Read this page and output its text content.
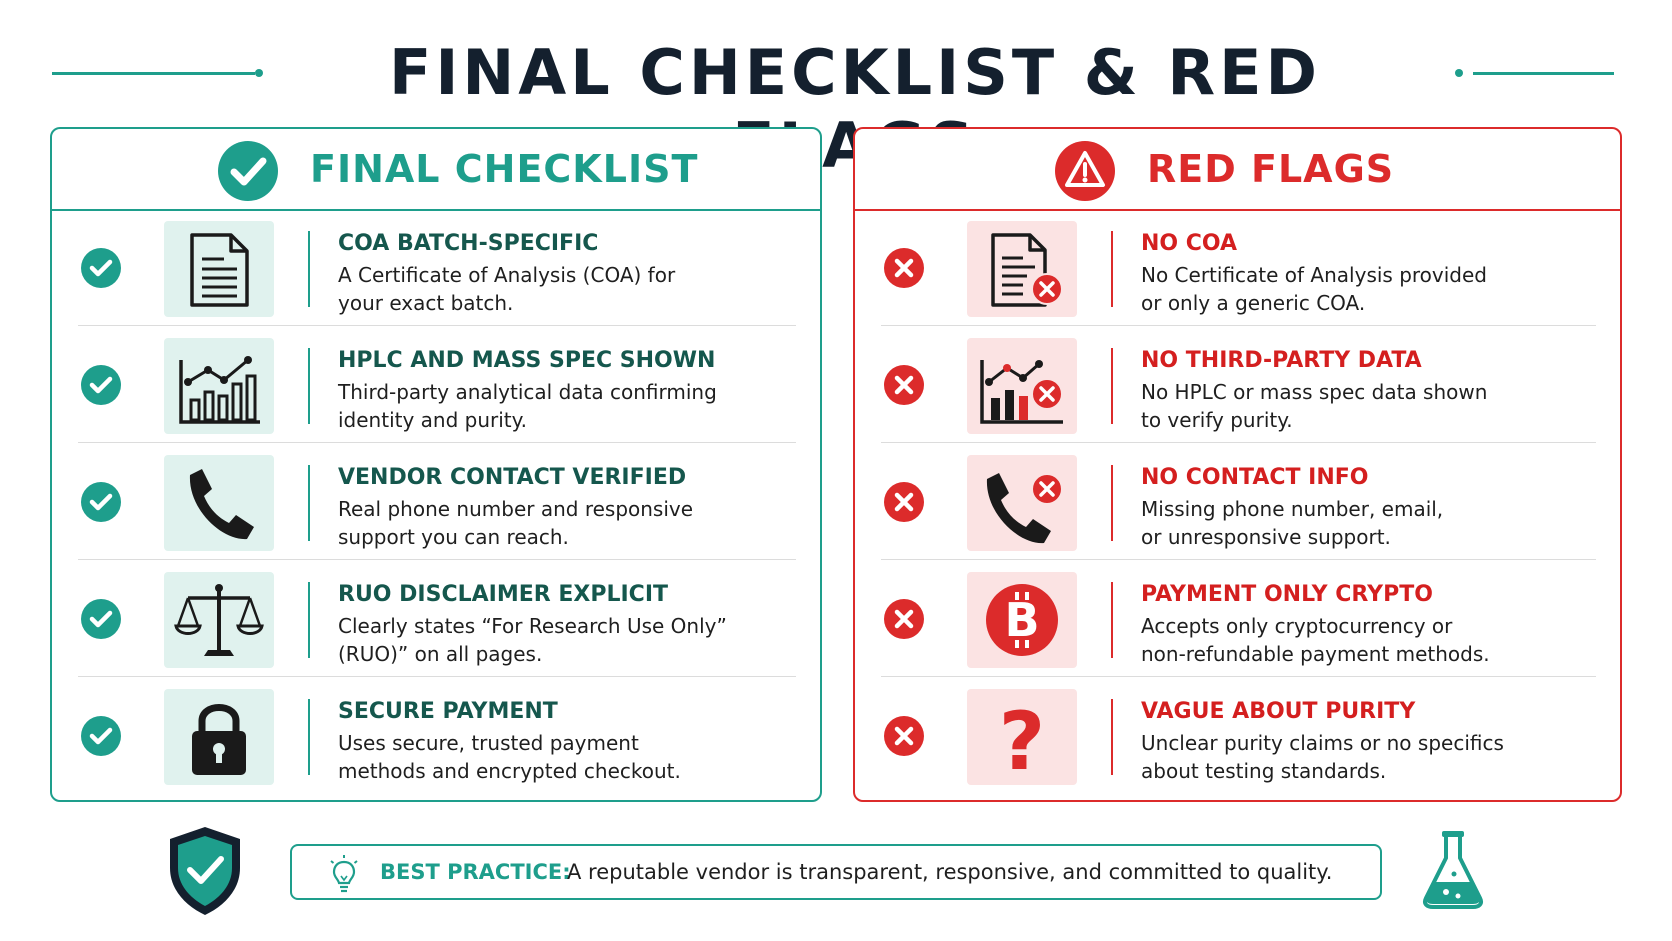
FINAL CHECKLIST & RED
FINAL CHECKLIST
COA BATCH-SPECIFIC
A Certificate of Analysis (COA) for
your exact batch.
HPLC AND MASS SPEC SHOWN
Third-party analytical data confirming
identity and purity.
VENDOR CONTACT VERIFIED
Real phone number and responsive
support you can reach.
RUO DISCLAIMER EXPLICIT
Clearly states “For Research Use Only”
(RUO)” on all pages.
SECURE PAYMENT
Uses secure, trusted payment
methods and encrypted checkout.
RED FLAGS
NO COA
No Certificate of Analysis provided
or only a generic COA.
NO THIRD-PARTY DATA
No HPLC or mass spec data shown
to verify purity.
NO CONTACT INFO
Missing phone number, email,
or unresponsive support.
B	PAYMENT ONLY CRYPTO
Accepts only cryptocurrency or
non-refundable payment methods.
?	VAGUE ABOUT PURITY
Unclear purity claims or no specifics
about testing standards.
BEST PRACTICE:
A reputable vendor is transparent, responsive, and committed to quality.
